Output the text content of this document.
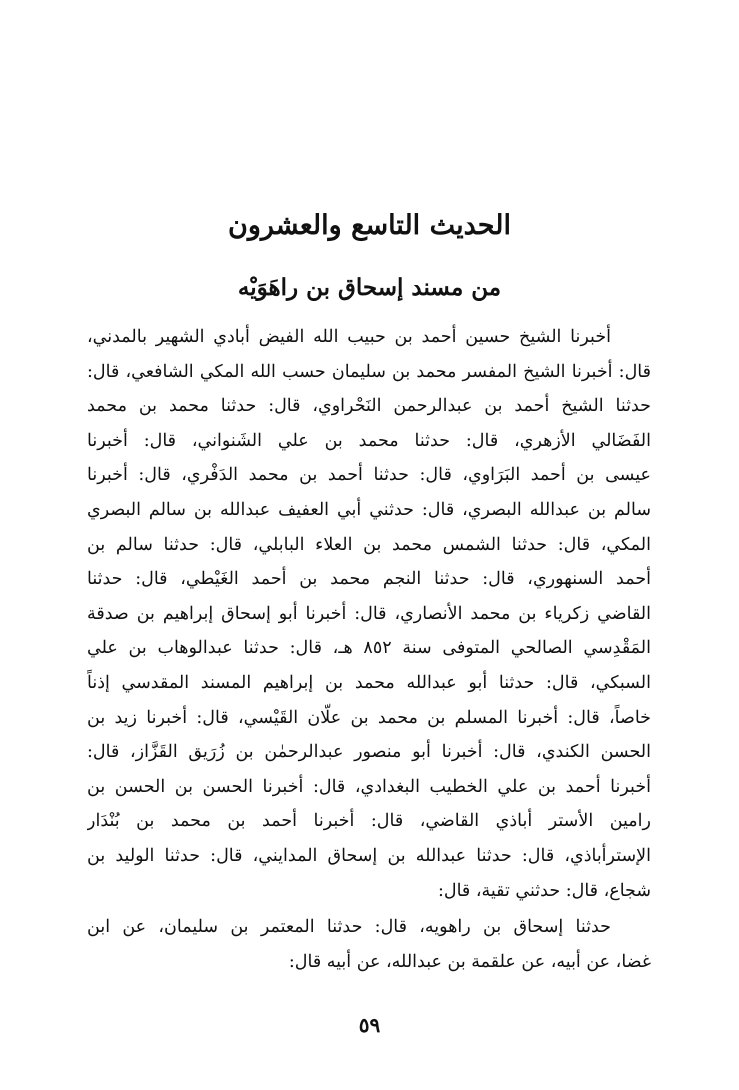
الحديث التاسع والعشرون
من مسند إسحاق بن راهَوَيْه
أخبرنا الشيخ حسين أحمد بن حبيب الله الفيض أبادي الشهير بالمدني،
قال: أخبرنا الشيخ المفسر محمد بن سليمان حسب الله المكي الشافعي، قال:
حدثنا الشيخ أحمد بن عبدالرحمن النَحْراوي، قال: حدثنا محمد بن محمد
الفَضَالي الأزهري، قال: حدثنا محمد بن علي الشَنواني، قال: أخبرنا
عيسى بن أحمد البَرَاوي، قال: حدثنا أحمد بن محمد الدَفْري، قال: أخبرنا
سالم بن عبدالله البصري، قال: حدثني أبي العفيف عبدالله بن سالم البصري
المكي، قال: حدثنا الشمس محمد بن العلاء البابلي، قال: حدثنا سالم بن
أحمد السنهوري، قال: حدثنا النجم محمد بن أحمد الغَيْطي، قال: حدثنا
القاضي زكرياء بن محمد الأنصاري، قال: أخبرنا أبو إسحاق إبراهيم بن صدقة
المَقْدِسي الصالحي المتوفى سنة ٨٥٢ هـ، قال: حدثنا عبدالوهاب بن علي
السبكي، قال: حدثنا أبو عبدالله محمد بن إبراهيم المسند المقدسي إذناً
خاصاً، قال: أخبرنا المسلم بن محمد بن علّان القَيْسي، قال: أخبرنا زيد بن
الحسن الكندي، قال: أخبرنا أبو منصور عبدالرحمٰن بن زُرَيق القَزَّاز، قال:
أخبرنا أحمد بن علي الخطيب البغدادي، قال: أخبرنا الحسن بن الحسن بن
رامين الأستر أباذي القاضي، قال: أخبرنا أحمد بن محمد بن بُنْدَار
الإسترأباذي، قال: حدثنا عبدالله بن إسحاق المدايني، قال: حدثنا الوليد بن
شجاع، قال: حدثني تقية، قال:
حدثنا إسحاق بن راهويه، قال: حدثنا المعتمر بن سليمان، عن ابن
غضا، عن أبيه، عن علقمة بن عبدالله، عن أبيه قال:
٥٩
